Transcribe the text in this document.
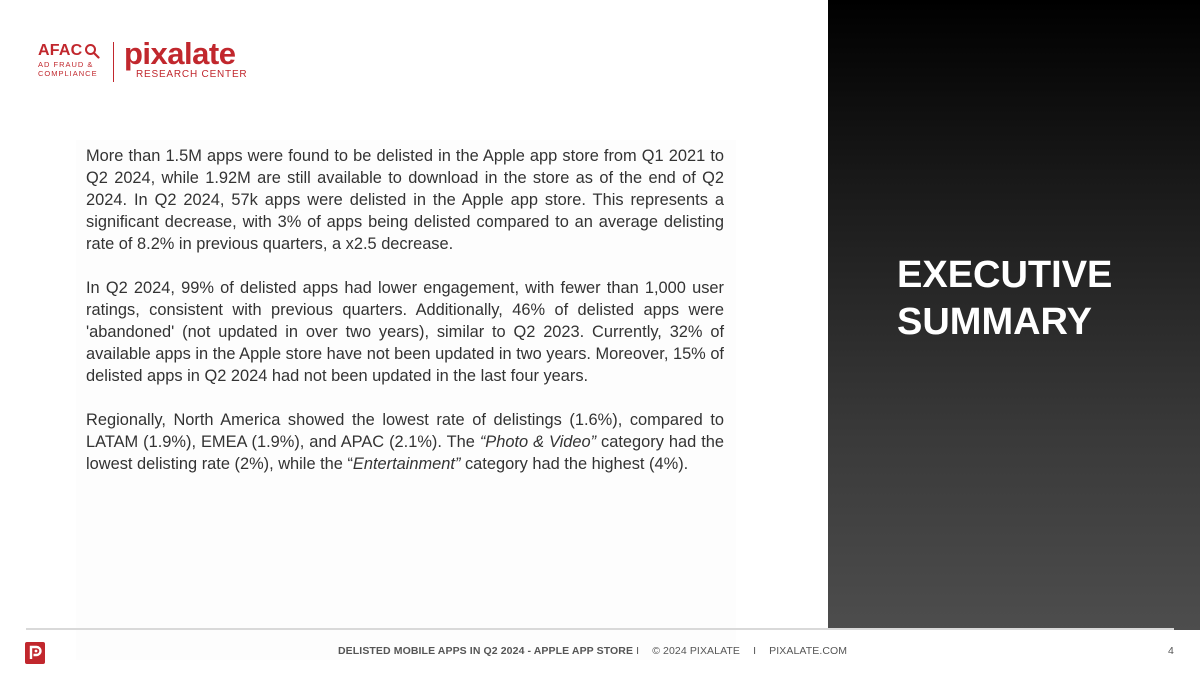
EXECUTIVE
SUMMARY
AFAC
AD FRAUD &
COMPLIANCE
pixalate
RESEARCH CENTER

More than 1.5M apps were found to be delisted in the Apple app store from Q1 2021 to Q2 2024, while 1.92M are still available to download in the store as of the end of Q2 2024. In Q2 2024, 57k apps were delisted in the Apple app store. This represents a significant decrease, with 3% of apps being delisted compared to an average delisting rate of 8.2% in previous quarters, a x2.5 decrease.

In Q2 2024, 99% of delisted apps had lower engagement, with fewer than 1,000 user ratings, consistent with previous quarters. Additionally, 46% of delisted apps were 'abandoned' (not updated in over two years), similar to Q2 2023. Currently, 32% of available apps in the Apple store have not been updated in two years. Moreover, 15% of delisted apps in Q2 2024 had not been updated in the last four years.

Regionally, North America showed the lowest rate of delistings (1.6%), compared to LATAM (1.9%), EMEA (1.9%), and APAC (2.1%). The “Photo & Video” category had the lowest delisting rate (2%), while the “Entertainment” category had the highest (4%).

DELISTED MOBILE APPS IN Q2 2024 - APPLE APP STORE I © 2024 PIXALATE I PIXALATE.COM	4
